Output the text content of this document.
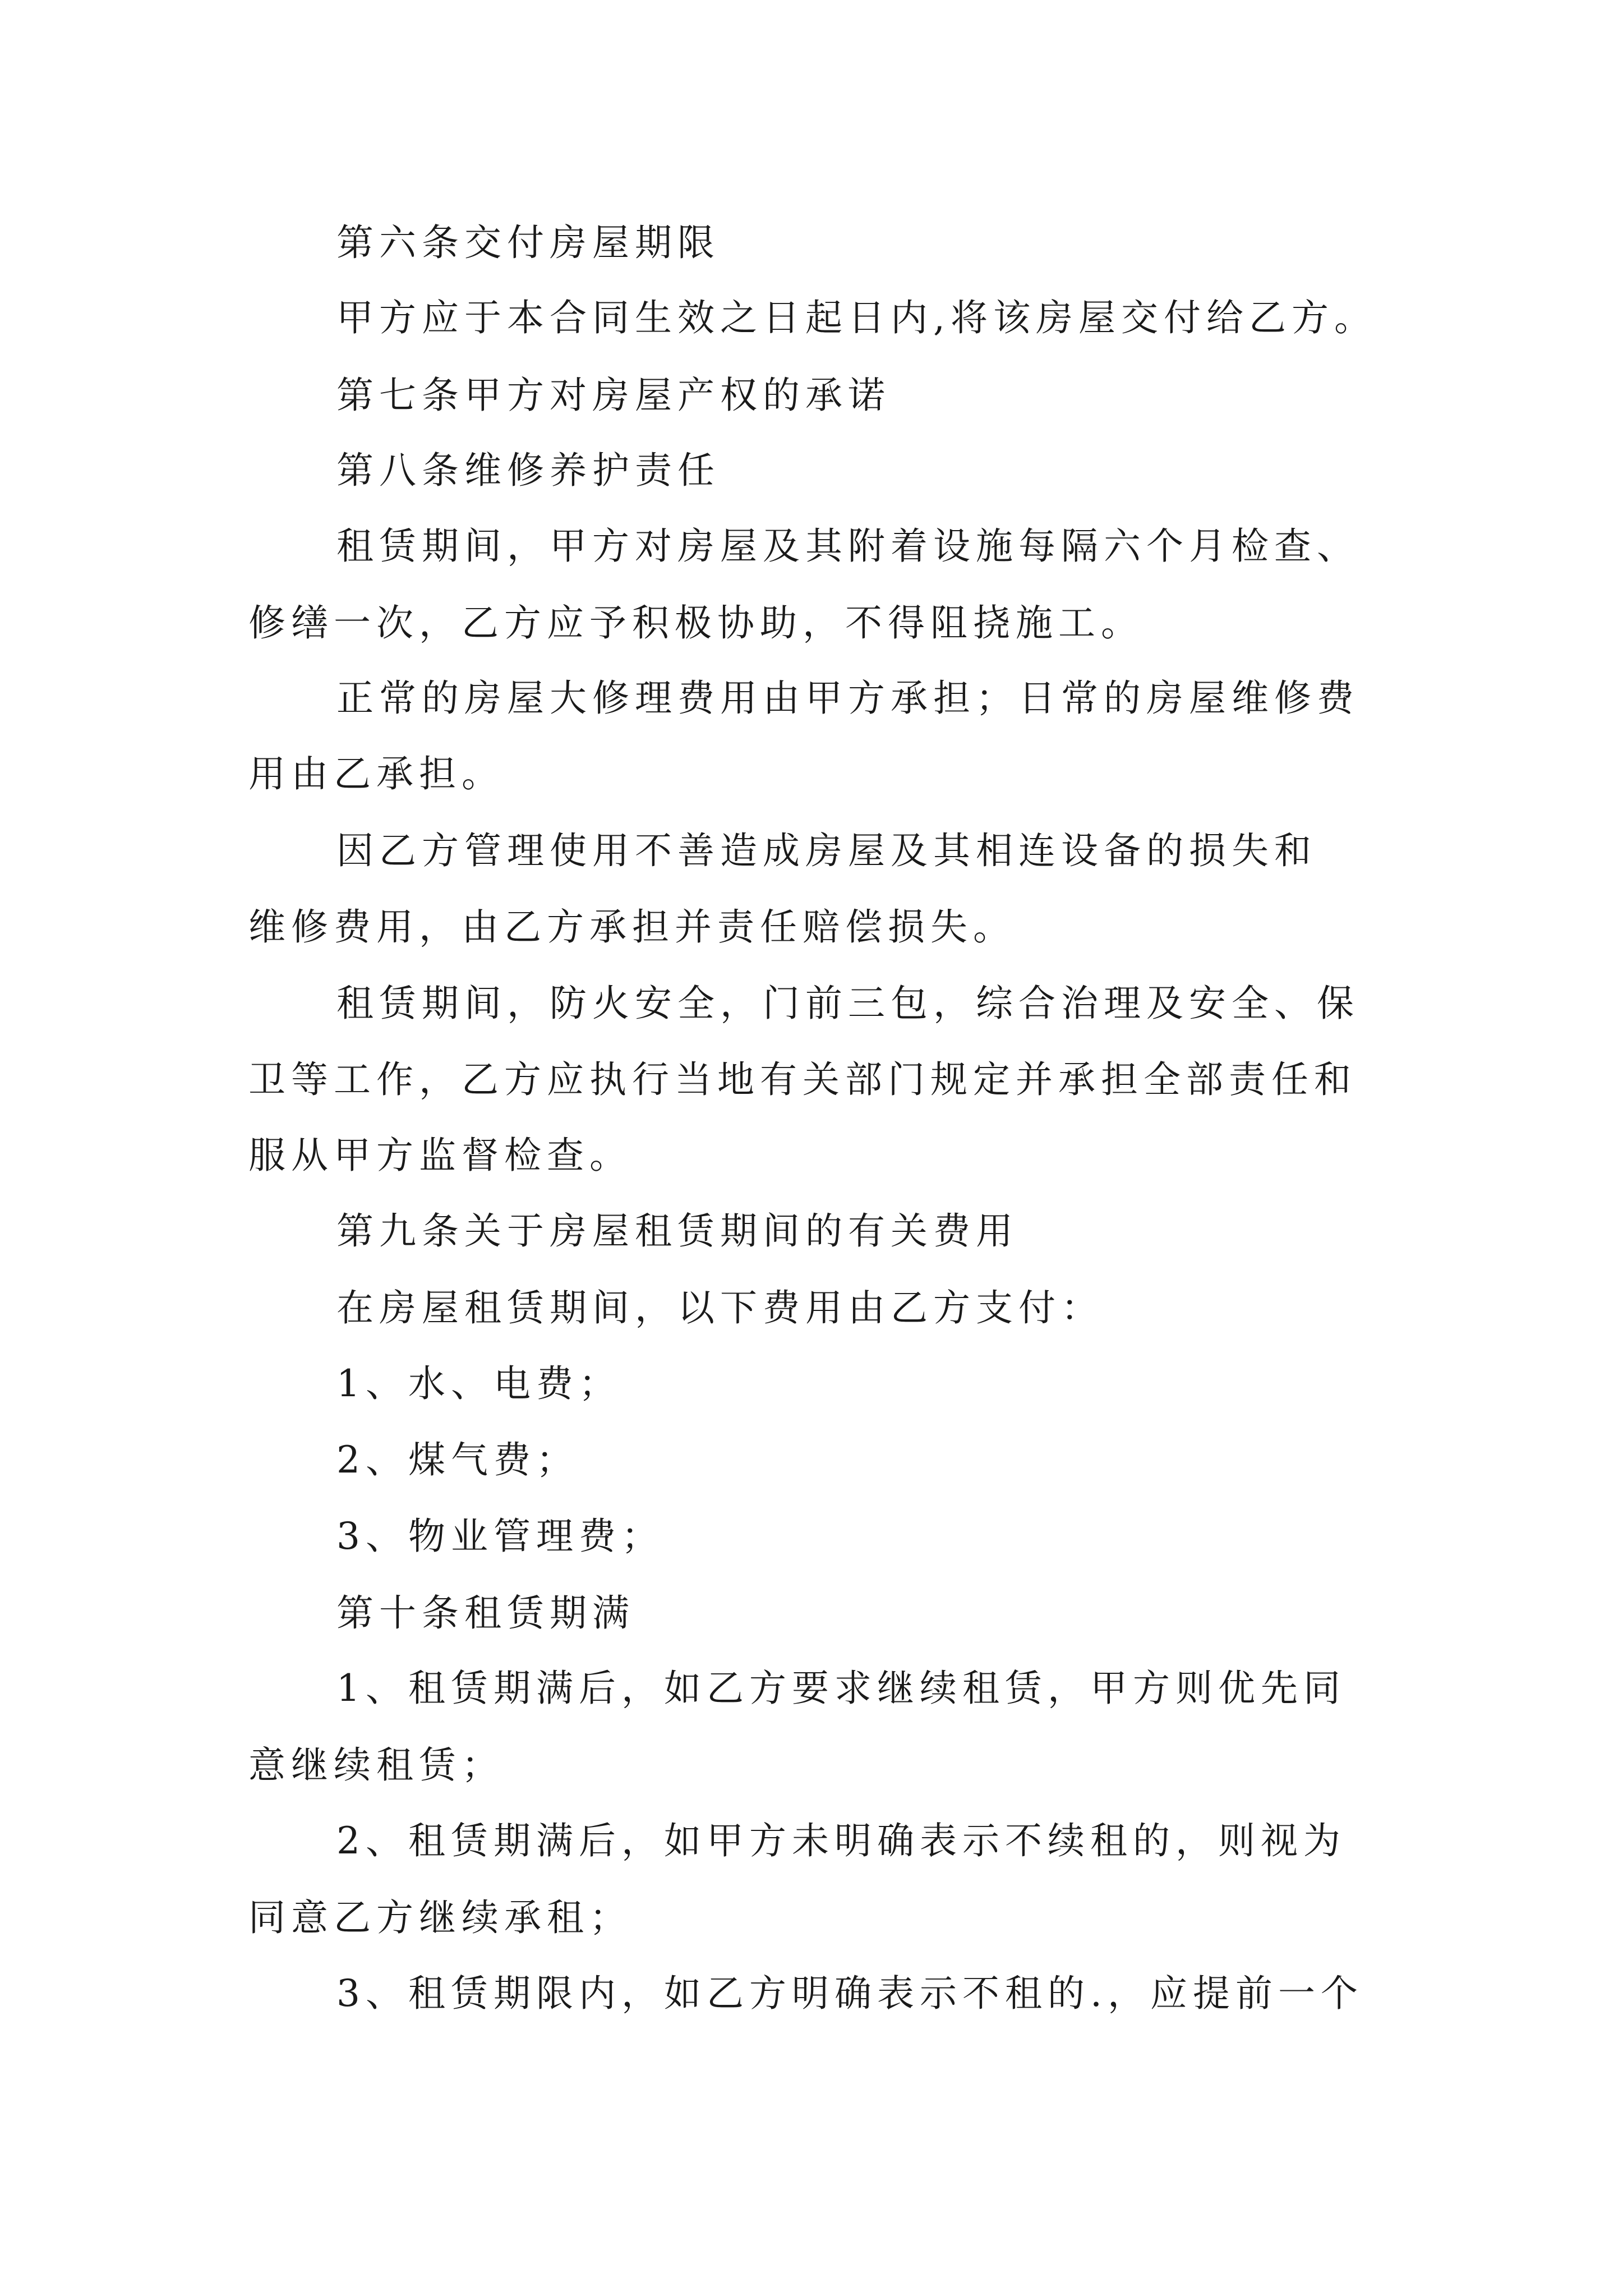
第六条交付房屋期限
甲方应于本合同生效之日起日内,将该房屋交付给乙方。
第七条甲方对房屋产权的承诺
第八条维修养护责任
租赁期间，甲方对房屋及其附着设施每隔六个月检查、
修缮一次，乙方应予积极协助，不得阻挠施工。
正常的房屋大修理费用由甲方承担；日常的房屋维修费
用由乙承担。
因乙方管理使用不善造成房屋及其相连设备的损失和
维修费用，由乙方承担并责任赔偿损失。
租赁期间，防火安全，门前三包，综合治理及安全、保
卫等工作，乙方应执行当地有关部门规定并承担全部责任和
服从甲方监督检查。
第九条关于房屋租赁期间的有关费用
在房屋租赁期间，以下费用由乙方支付：
1、水、电费；
2、煤气费；
3、物业管理费；
第十条租赁期满
1、租赁期满后，如乙方要求继续租赁，甲方则优先同
意继续租赁；
2、租赁期满后，如甲方未明确表示不续租的，则视为
同意乙方继续承租；
3、租赁期限内，如乙方明确表示不租的.，应提前一个
